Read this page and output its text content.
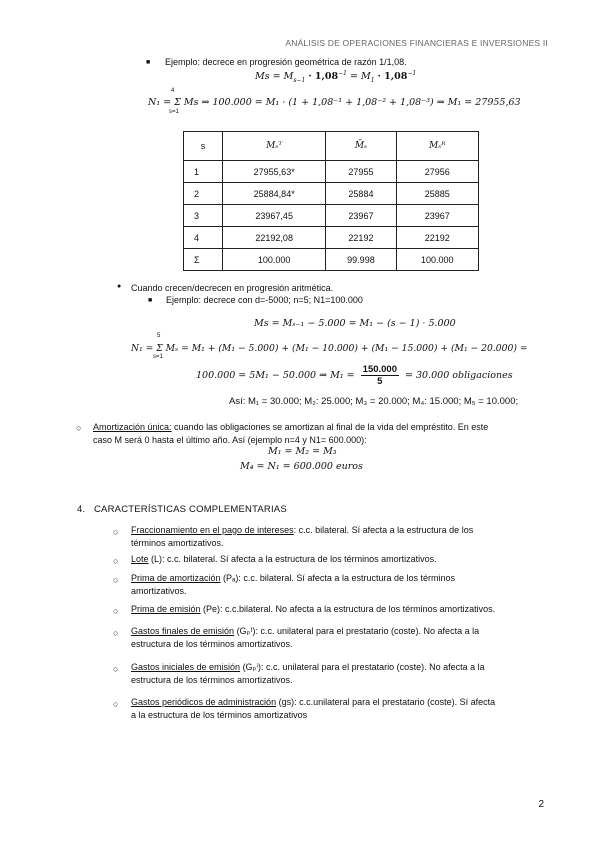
ANÁLISIS DE OPERACIONES FINANCIERAS E INVERSIONES II
■ Ejemplo: decrece en progresión geométrica de razón 1/1,08.
$Ms = M_{s-1} \cdot 1,08^{-1} = M_1 \cdot 1,08^{-1}$
4
s=1
N₁ = Σ Ms ⇒ 100.000 = M₁ · (1 + 1,08⁻¹ + 1,08⁻² + 1,08⁻³) ⇒ M₁ = 27955,63
s	Mₛᵀ	M̄ₛ	Mₛᴿ
1	27955,63*	27955	27956
2	25884,84*	25884	25885
3	23967,45	23967	23967
4	22192,08	22192	22192
Σ	100.000	99.998	100.000
● Cuando crecen/decrecen en progresión aritmética.
■ Ejemplo: decrece con d=-5000; n=5; N1=100.000
Ms = Mₛ₋₁ − 5.000 = M₁ − (s − 1) · 5.000
5
s=1
N₁ = Σ Mₛ = M₁ + (M₁ − 5.000) + (M₁ − 10.000) + (M₁ − 15.000) + (M₁ − 20.000) =
100.000 = 5M₁ − 50.000 ⇒ $M_1 = \frac{150.000}{5} = 30.000$ obligaciones
Así: M₁ = 30.000; M₂: 25.000; M₃ = 20.000; M₄: 15.000; M₅ = 10.000;
○ Amortización única: cuando las obligaciones se amortizan al final de la vida del empréstito. En este
caso M será 0 hasta el último año. Así (ejemplo n=4 y N1= 600.000):
M₁ = M₂ = M₃
M₄ = N₁ = 600.000 euros
4. CARACTERÍSTICAS COMPLEMENTARIAS
○ Fraccionamiento en el pago de intereses: c.c. bilateral. Sí afecta a la estructura de los
términos amortizativos.
○ Lote (L): c.c. bilateral. Sí afecta a la estructura de los términos amortizativos.
○ Prima de amortización (Pₐ): c.c. bilateral. Sí afecta a la estructura de los términos
amortizativos.
○ Prima de emisión (Pe): c.c.bilateral. No afecta a la estructura de los términos amortizativos.
○ Gastos finales de emisión (Gₚᶠ): c.c. unilateral para el prestatario (coste). No afecta a la
estructura de los términos amortizativos.
○ Gastos iniciales de emisión (Gₚⁱ): c.c. unilateral para el prestatario (coste). No afecta a la
estructura de los términos amortizativos.
○ Gastos periódicos de administración (gs): c.c.unilateral para el prestatario (coste). Sí afecta
a la estructura de los términos amortizativos
2
